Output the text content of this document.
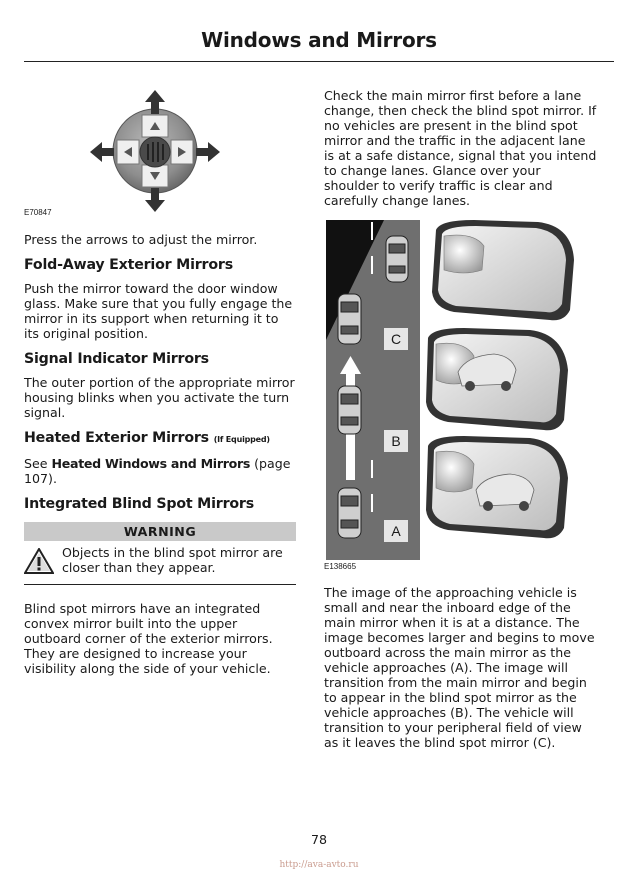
Windows and Mirrors
E70847

Press the arrows to adjust the mirror.

Fold-Away Exterior Mirrors

Push the mirror toward the door window glass. Make sure that you fully engage the mirror in its support when returning it to its original position.

Signal Indicator Mirrors

The outer portion of the appropriate mirror housing blinks when you activate the turn signal.

Heated Exterior Mirrors (If Equipped)

See Heated Windows and Mirrors (page 107).

Integrated Blind Spot Mirrors
WARNING

Objects in the blind spot mirror are closer than they appear.

Blind spot mirrors have an integrated convex mirror built into the upper outboard corner of the exterior mirrors. They are designed to increase your visibility along the side of your vehicle.

Check the main mirror first before a lane change, then check the blind spot mirror. If no vehicles are present in the blind spot mirror and the traffic in the adjacent lane is at a safe distance, signal that you intend to change lanes. Glance over your shoulder to verify traffic is clear and carefully change lanes.

C
B
A
E138665

The image of the approaching vehicle is small and near the inboard edge of the main mirror when it is at a distance. The image becomes larger and begins to move outboard across the main mirror as the vehicle approaches (A). The image will transition from the main mirror and begin to appear in the blind spot mirror as the vehicle approaches (B). The vehicle will transition to your peripheral field of view as it leaves the blind spot mirror (C).

78
http://ava-avto.ru
